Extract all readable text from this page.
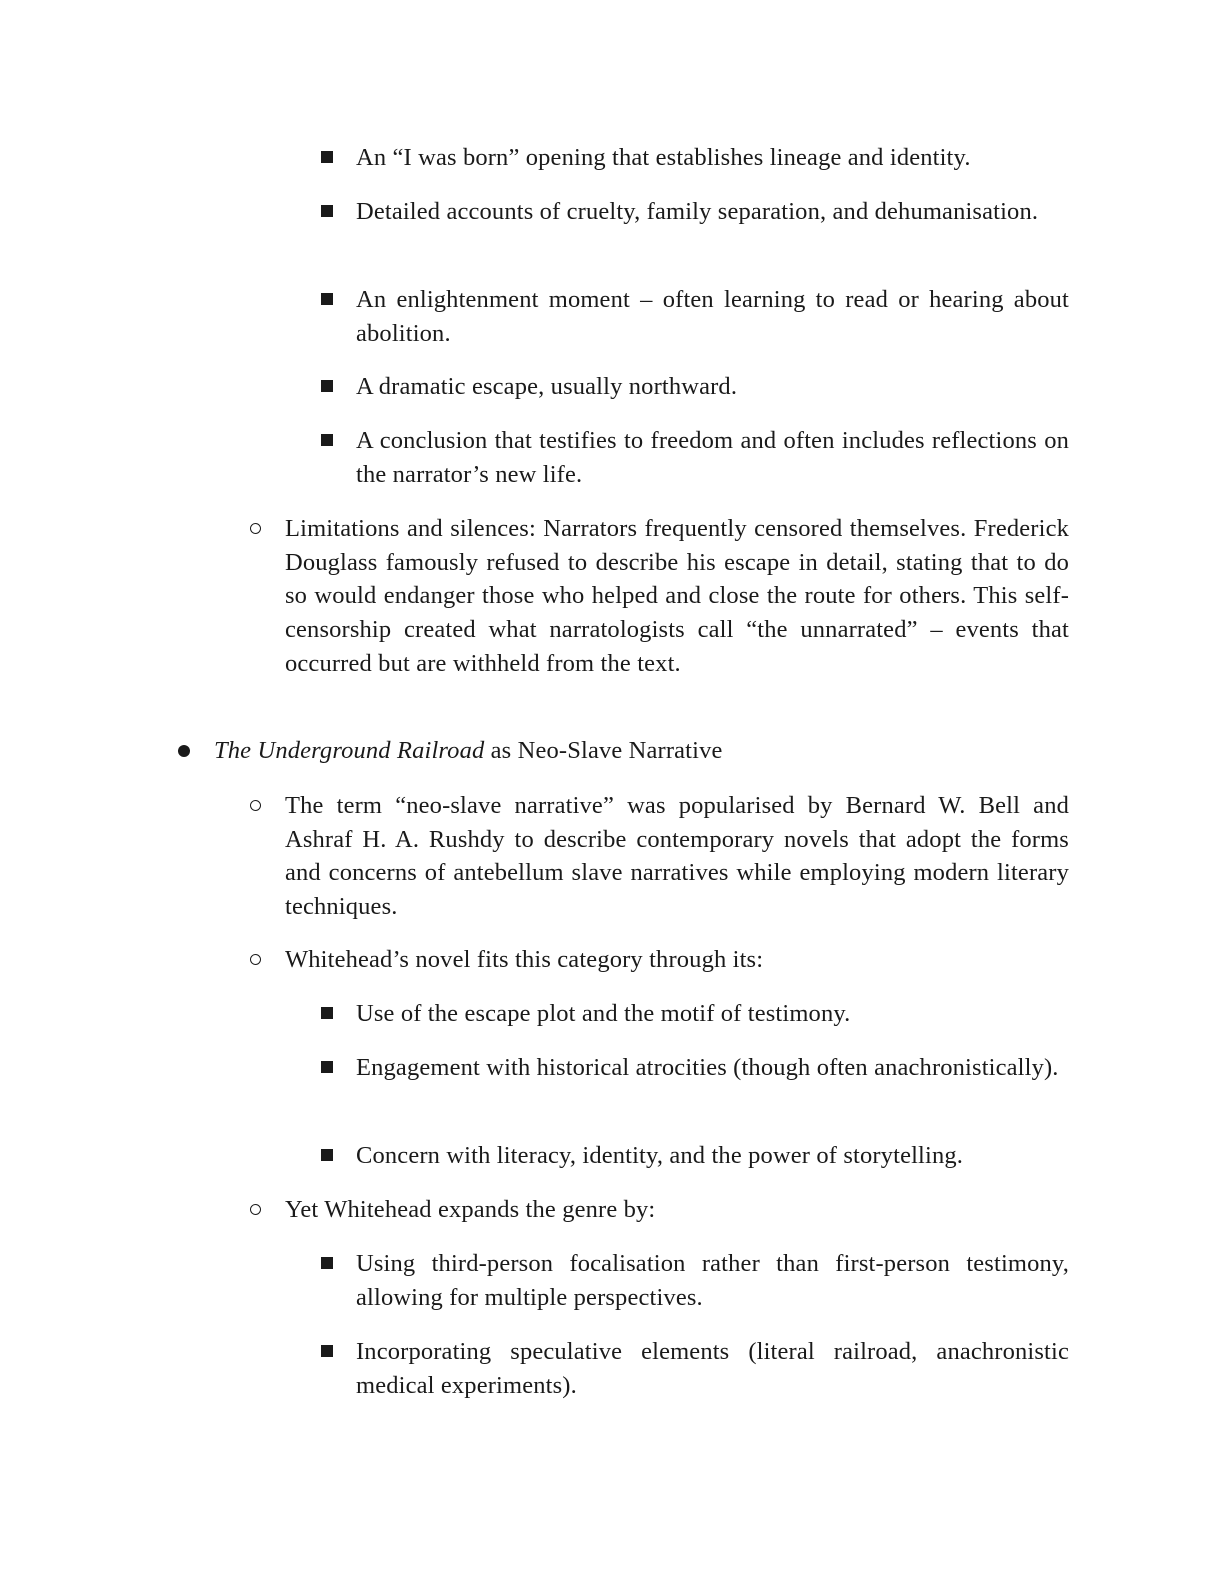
An “I was born” opening that establishes lineage and identity.
Detailed accounts of cruelty, family separation, and dehumanisation.
An enlightenment moment – often learning to read or hearing about abolition.
A dramatic escape, usually northward.
A conclusion that testifies to freedom and often includes reflections on the narrator’s new life.
Limitations and silences: Narrators frequently censored themselves. Frederick Douglass famously refused to describe his escape in detail, stating that to do so would endanger those who helped and close the route for others. This self-censorship created what narratologists call “the unnarrated” – events that occurred but are withheld from the text.
The Underground Railroad as Neo-Slave Narrative
The term “neo-slave narrative” was popularised by Bernard W. Bell and Ashraf H. A. Rushdy to describe contemporary novels that adopt the forms and concerns of antebellum slave narratives while employing modern literary techniques.
Whitehead’s novel fits this category through its:
Use of the escape plot and the motif of testimony.
Engagement with historical atrocities (though often anachronistically).
Concern with literacy, identity, and the power of storytelling.
Yet Whitehead expands the genre by:
Using third-person focalisation rather than first-person testimony, allowing for multiple perspectives.
Incorporating speculative elements (literal railroad, anachronistic medical experiments).
